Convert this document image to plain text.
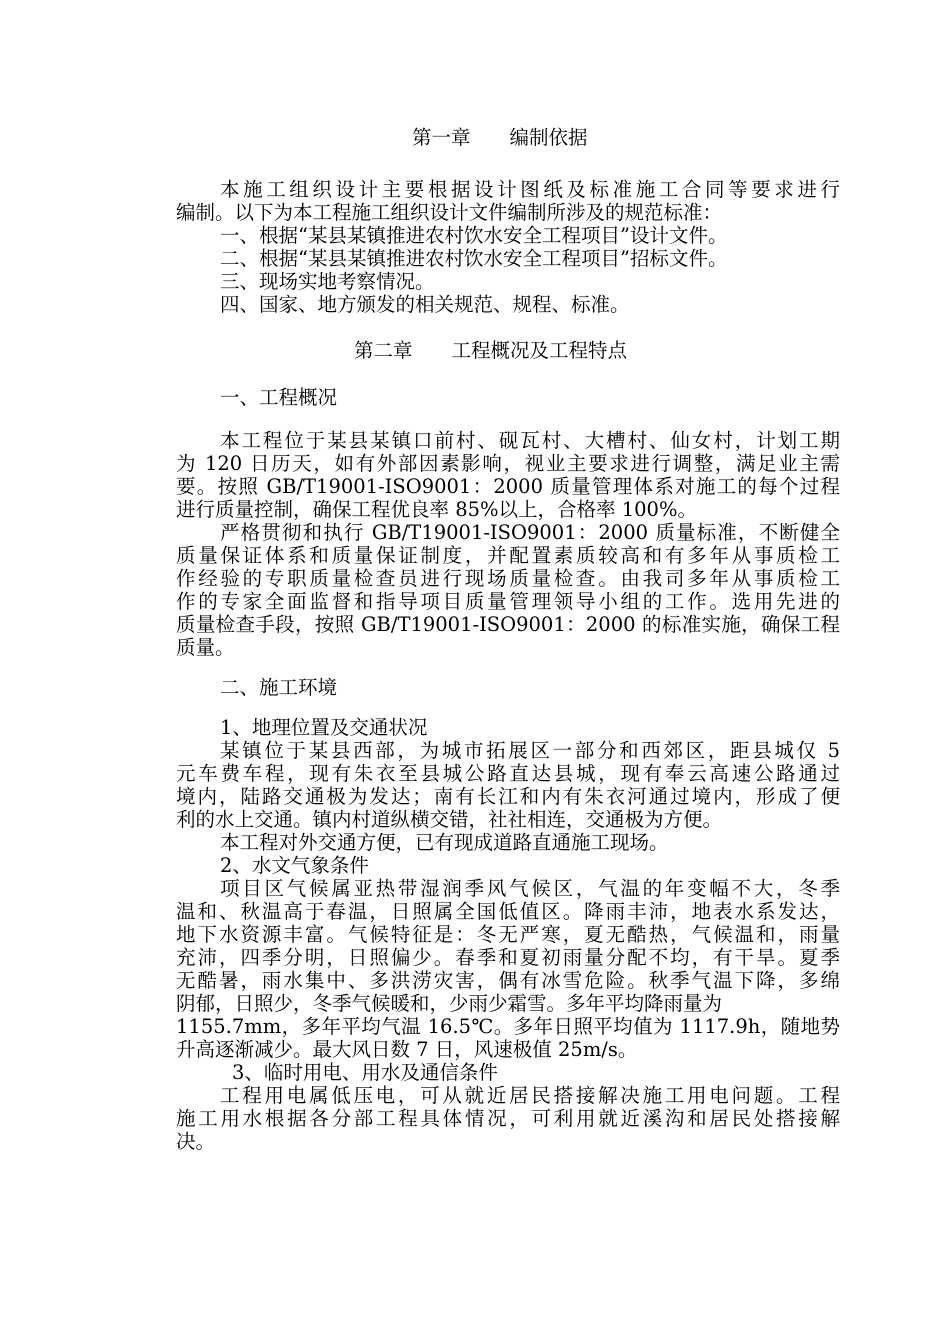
第一章　　编制依据
本施工组织设计主要根据设计图纸及标准施工合同等要求进行
编制。以下为本工程施工组织设计文件编制所涉及的规范标准：
一、根据“某县某镇推进农村饮水安全工程项目”设计文件。
二、根据“某县某镇推进农村饮水安全工程项目”招标文件。
三、现场实地考察情况。
四、国家、地方颁发的相关规范、规程、标准。
第二章　　工程概况及工程特点
一、工程概况
本工程位于某县某镇口前村、砚瓦村、大槽村、仙女村，计划工期
为 120 日历天，如有外部因素影响，视业主要求进行调整，满足业主需
要。按照 GB/T19001-ISO9001：2000 质量管理体系对施工的每个过程
进行质量控制，确保工程优良率 85%以上，合格率 100%。
严格贯彻和执行 GB/T19001-ISO9001：2000 质量标准，不断健全
质量保证体系和质量保证制度，并配置素质较高和有多年从事质检工
作经验的专职质量检查员进行现场质量检查。由我司多年从事质检工
作的专家全面监督和指导项目质量管理领导小组的工作。选用先进的
质量检查手段，按照 GB/T19001-ISO9001：2000 的标准实施，确保工程
质量。
二、施工环境
1、地理位置及交通状况
某镇位于某县西部，为城市拓展区一部分和西郊区，距县城仅 5
元车费车程，现有朱衣至县城公路直达县城，现有奉云高速公路通过
境内，陆路交通极为发达；南有长江和内有朱衣河通过境内，形成了便
利的水上交通。镇内村道纵横交错，社社相连，交通极为方便。
本工程对外交通方便，已有现成道路直通施工现场。
2、水文气象条件
项目区气候属亚热带湿润季风气候区，气温的年变幅不大，冬季
温和、秋温高于春温，日照属全国低值区。降雨丰沛，地表水系发达，
地下水资源丰富。气候特征是：冬无严寒，夏无酷热，气候温和，雨量
充沛，四季分明，日照偏少。春季和夏初雨量分配不均，有干旱。夏季
无酷暑，雨水集中、多洪涝灾害，偶有冰雪危险。秋季气温下降，多绵
阴郁，日照少，冬季气候暖和，少雨少霜雪。多年平均降雨量为
1155.7mm，多年平均气温 16.5℃。多年日照平均值为 1117.9h，随地势
升高逐渐减少。最大风日数 7 日，风速极值 25m/s。
3、临时用电、用水及通信条件
工程用电属低压电，可从就近居民搭接解决施工用电问题。工程
施工用水根据各分部工程具体情况，可利用就近溪沟和居民处搭接解
决。
